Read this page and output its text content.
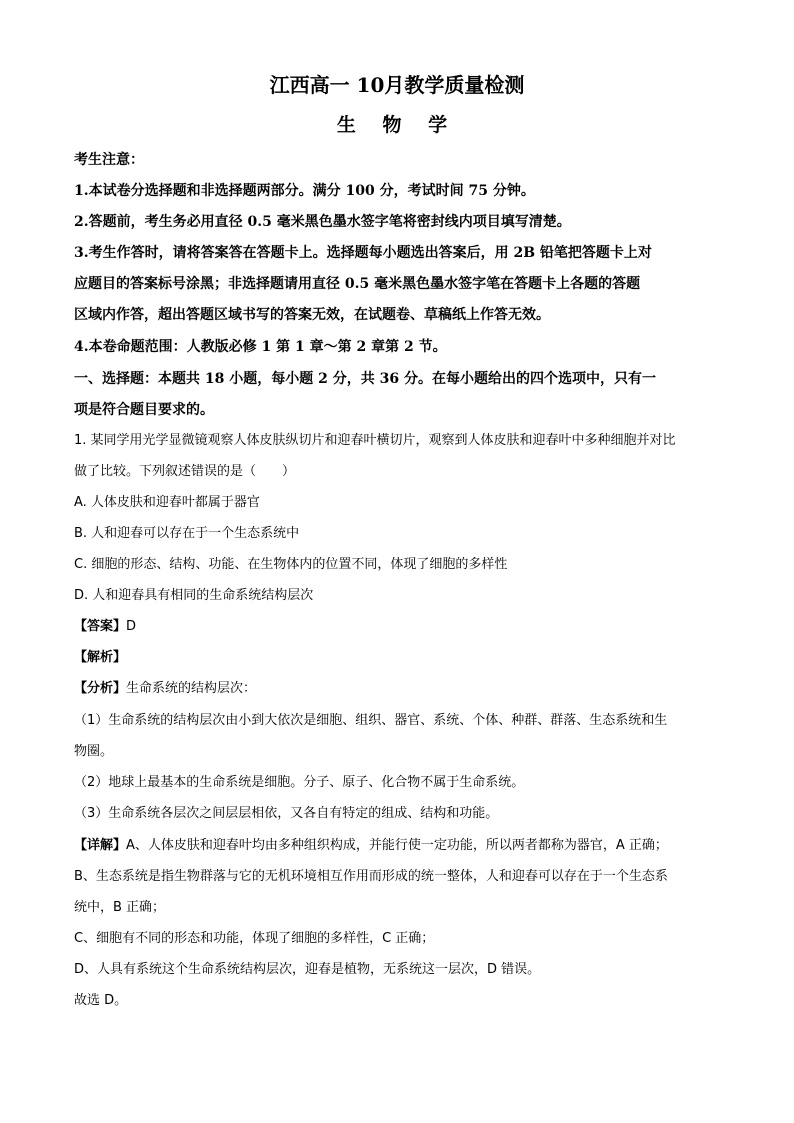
江西高一 10月教学质量检测
生 物 学
考生注意：
1.本试卷分选择题和非选择题两部分。满分 100 分，考试时间 75 分钟。
2.答题前，考生务必用直径 0.5 毫米黑色墨水签字笔将密封线内项目填写清楚。
3.考生作答时，请将答案答在答题卡上。选择题每小题选出答案后，用 2B 铅笔把答题卡上对
应题目的答案标号涂黑；非选择题请用直径 0.5 毫米黑色墨水签字笔在答题卡上各题的答题
区域内作答，超出答题区域书写的答案无效，在试题卷、草稿纸上作答无效。
4.本卷命题范围：人教版必修 1 第 1 章～第 2 章第 2 节。
一、选择题：本题共 18 小题，每小题 2 分，共 36 分。在每小题给出的四个选项中，只有一
项是符合题目要求的。
1. 某同学用光学显微镜观察人体皮肤纵切片和迎春叶横切片，观察到人体皮肤和迎春叶中多种细胞并对比
做了比较。下列叙述错误的是（　　）
A. 人体皮肤和迎春叶都属于器官
B. 人和迎春可以存在于一个生态系统中
C. 细胞的形态、结构、功能、在生物体内的位置不同，体现了细胞的多样性
D. 人和迎春具有相同的生命系统结构层次
【答案】D
【解析】
【分析】生命系统的结构层次：
（1）生命系统的结构层次由小到大依次是细胞、组织、器官、系统、个体、种群、群落、生态系统和生
物圈。
（2）地球上最基本的生命系统是细胞。分子、原子、化合物不属于生命系统。
（3）生命系统各层次之间层层相依，又各自有特定的组成、结构和功能。
【详解】A、人体皮肤和迎春叶均由多种组织构成，并能行使一定功能，所以两者都称为器官，A 正确；
B、生态系统是指生物群落与它的无机环境相互作用而形成的统一整体，人和迎春可以存在于一个生态系
统中，B 正确；
C、细胞有不同的形态和功能，体现了细胞的多样性，C 正确；
D、人具有系统这个生命系统结构层次，迎春是植物，无系统这一层次，D 错误。
故选 D。
